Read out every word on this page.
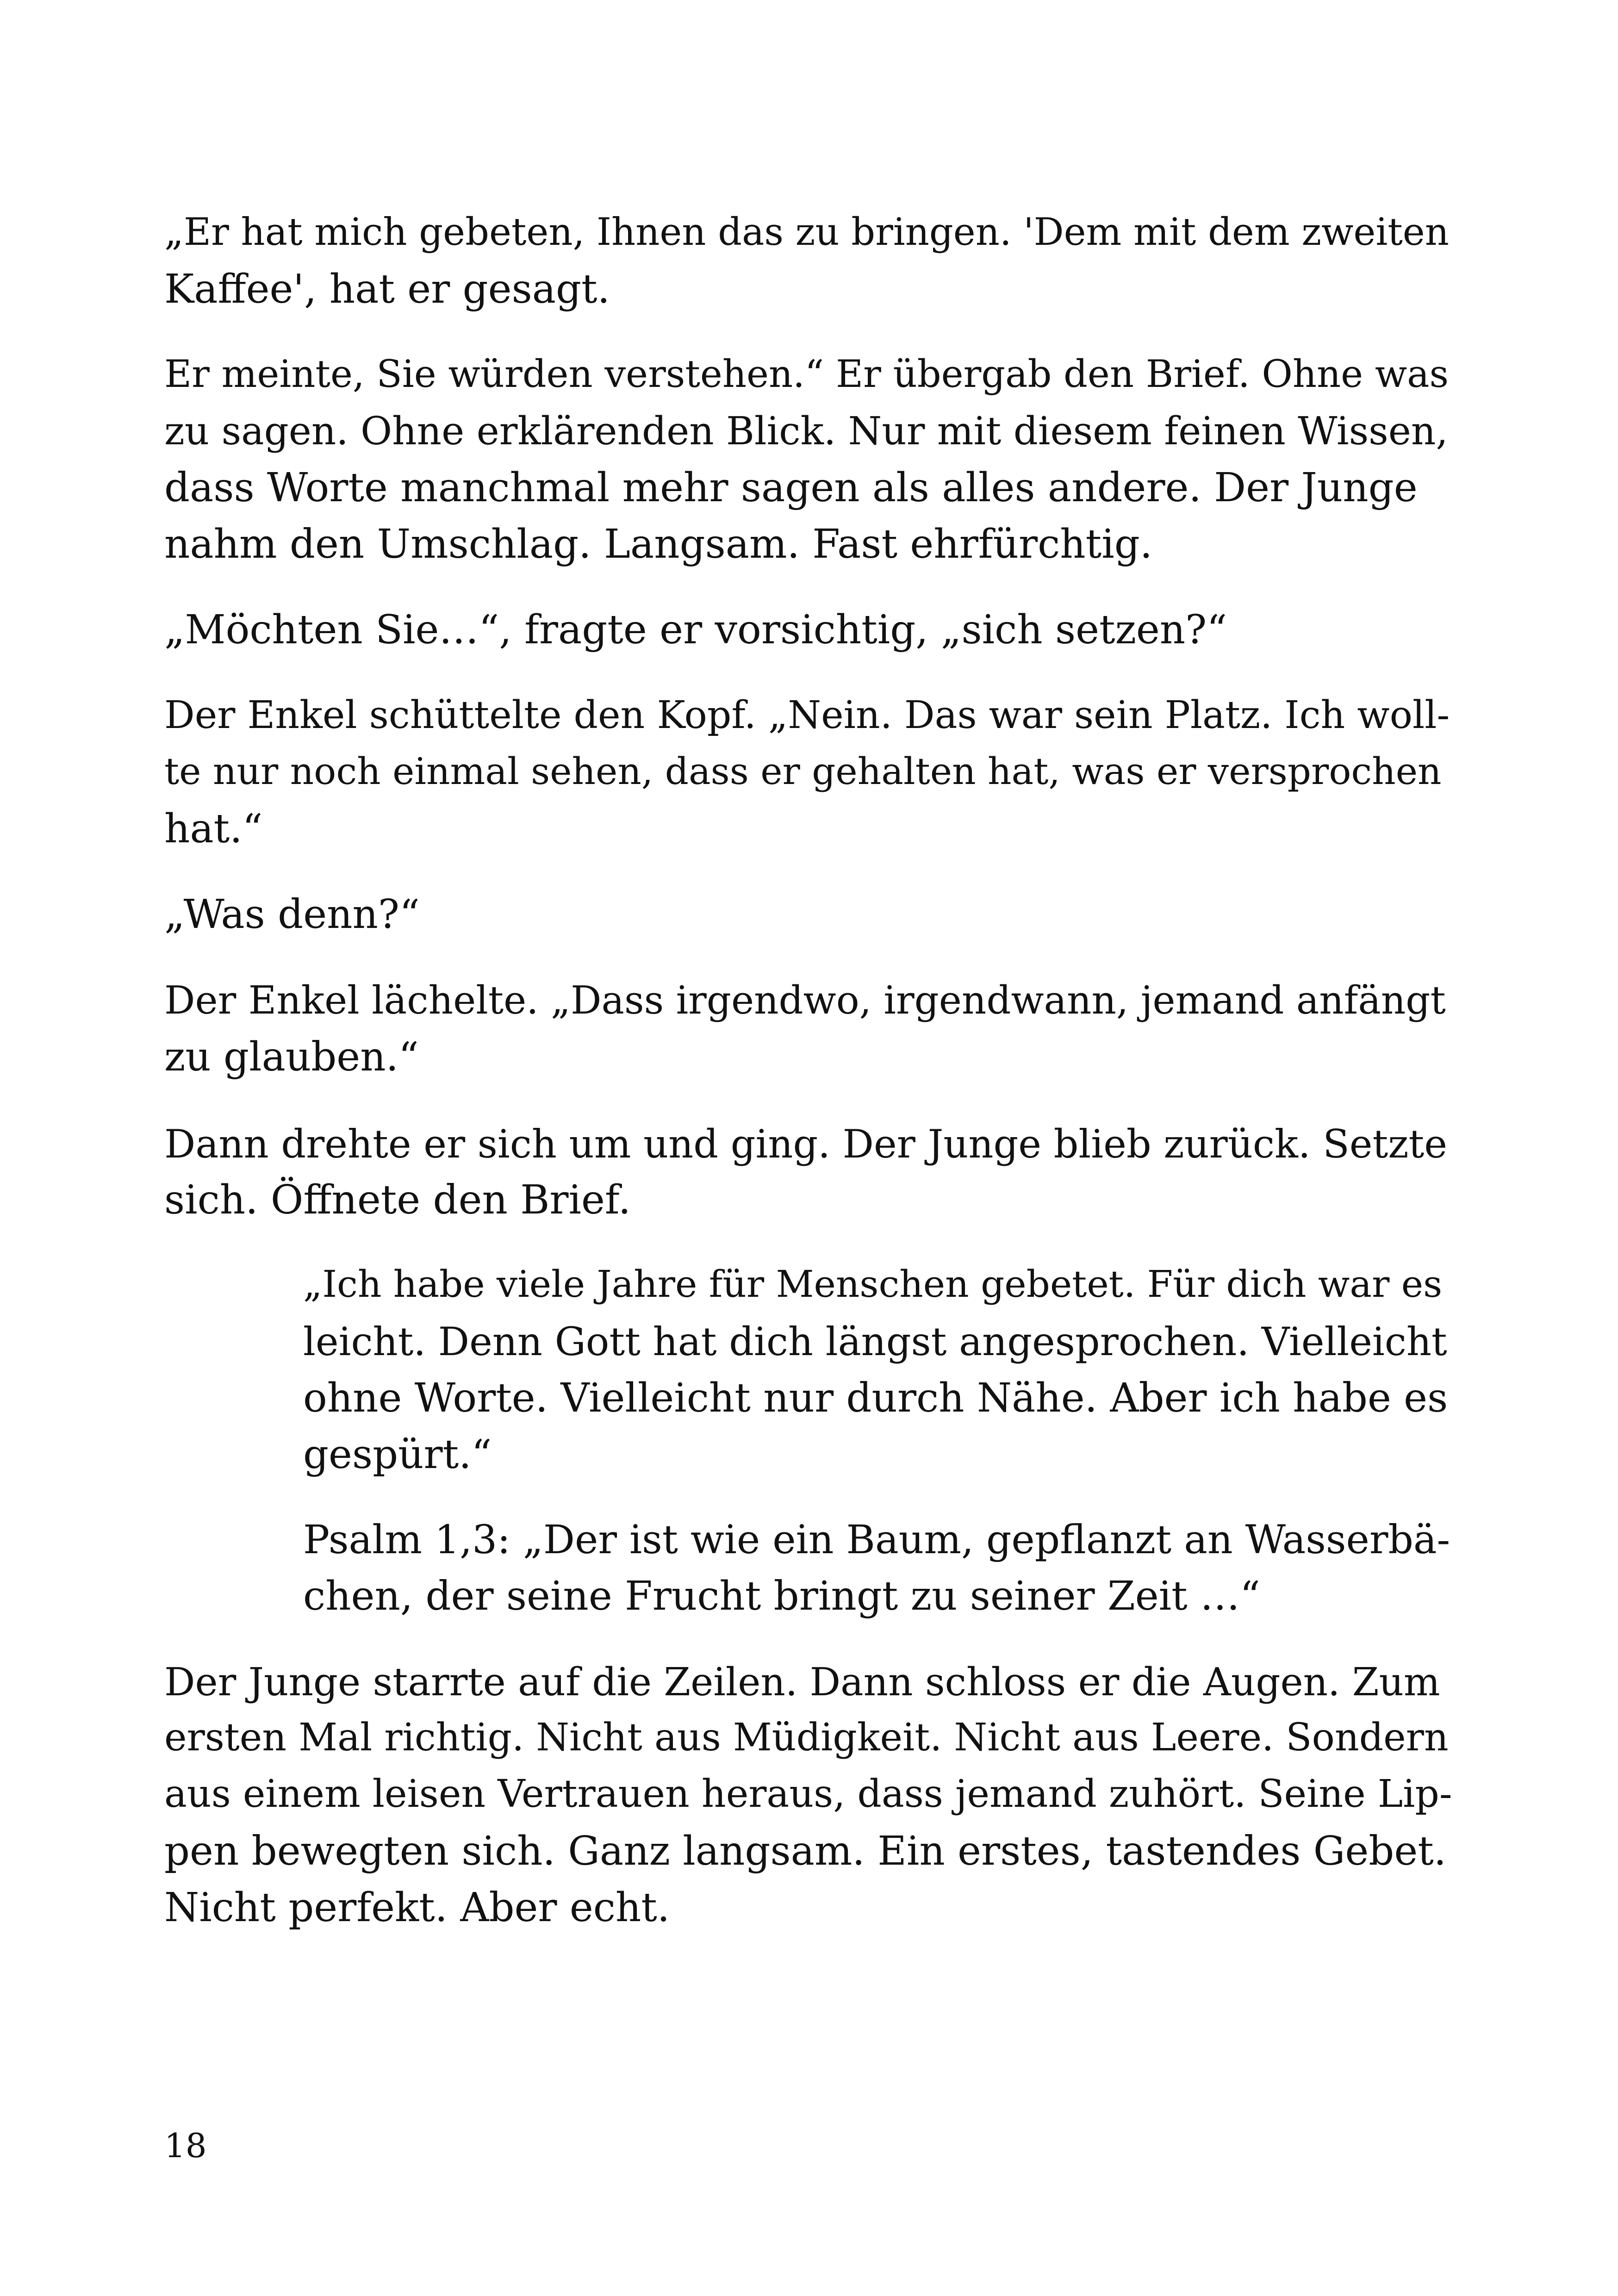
„Er hat mich gebeten, Ihnen das zu bringen. 'Dem mit dem zweiten

Kaffee', hat er gesagt.

Er meinte, Sie würden verstehen.“ Er übergab den Brief. Ohne was

zu sagen. Ohne erklärenden Blick. Nur mit diesem feinen Wissen,

dass Worte manchmal mehr sagen als alles andere. Der Junge

nahm den Umschlag. Langsam. Fast ehrfürchtig.

„Möchten Sie…“, fragte er vorsichtig, „sich setzen?“

Der Enkel schüttelte den Kopf. „Nein. Das war sein Platz. Ich woll-

te nur noch einmal sehen, dass er gehalten hat, was er versprochen

hat.“

„Was denn?“

Der Enkel lächelte. „Dass irgendwo, irgendwann, jemand anfängt

zu glauben.“

Dann drehte er sich um und ging. Der Junge blieb zurück. Setzte

sich. Öffnete den Brief.

„Ich habe viele Jahre für Menschen gebetet. Für dich war es

leicht. Denn Gott hat dich längst angesprochen. Vielleicht

ohne Worte. Vielleicht nur durch Nähe. Aber ich habe es

gespürt.“

Psalm 1,3: „Der ist wie ein Baum, gepflanzt an Wasserbä-

chen, der seine Frucht bringt zu seiner Zeit …“

Der Junge starrte auf die Zeilen. Dann schloss er die Augen. Zum

ersten Mal richtig. Nicht aus Müdigkeit. Nicht aus Leere. Sondern

aus einem leisen Vertrauen heraus, dass jemand zuhört. Seine Lip-

pen bewegten sich. Ganz langsam. Ein erstes, tastendes Gebet.

Nicht perfekt. Aber echt.

18
